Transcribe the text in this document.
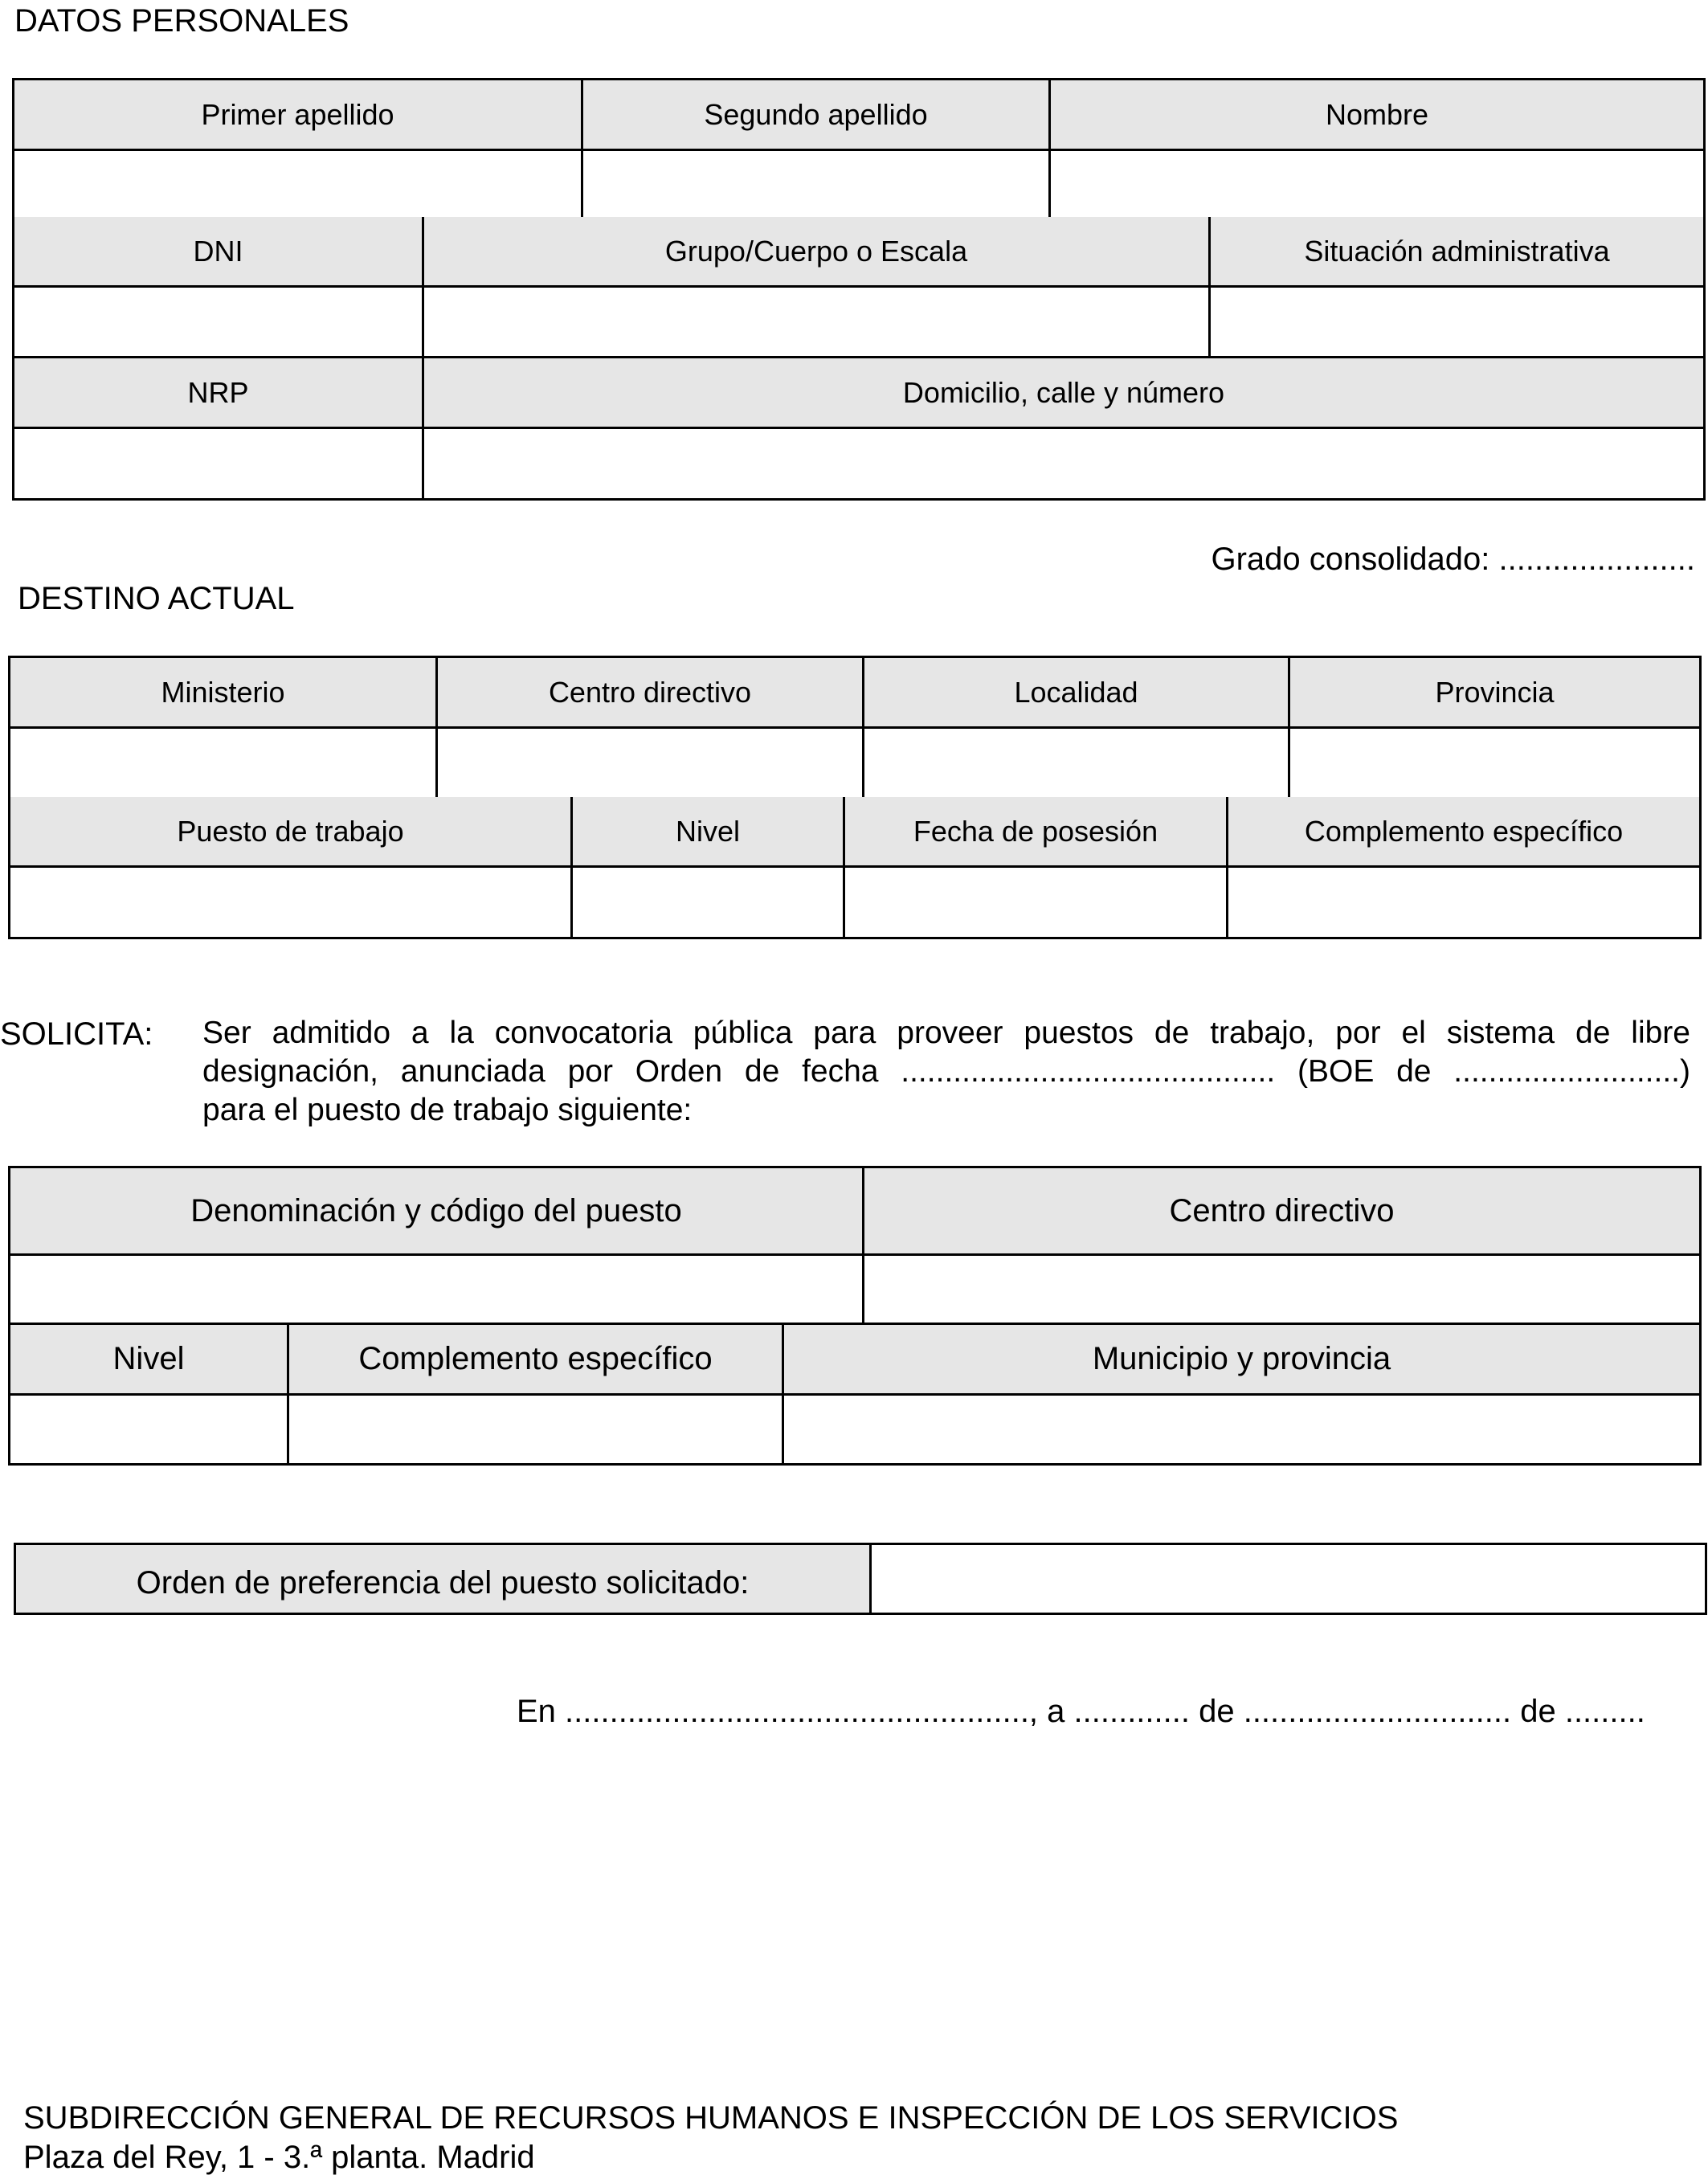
DATOS PERSONALES
Primer apellido	Segundo apellido	Nombre
DNI	Grupo/Cuerpo o Escala	Situación administrativa
NRP	Domicilio, calle y número
Grado consolidado: ......................
DESTINO ACTUAL
Ministerio	Centro directivo	Localidad	Provincia
Puesto de trabajo	Nivel	Fecha de posesión	Complemento específico
SOLICITA: Ser admitido a la convocatoria pública para proveer puestos de trabajo, por el sistema de libre
designación, anunciada por Orden de fecha ........................................... (BOE de ..........................)
para el puesto de trabajo siguiente:
Denominación y código del puesto	Centro directivo
Nivel	Complemento específico	Municipio y provincia
Orden de preferencia del puesto solicitado:
En ...................................................., a ............. de .............................. de .........
SUBDIRECCIÓN GENERAL DE RECURSOS HUMANOS E INSPECCIÓN DE LOS SERVICIOS
Plaza del Rey, 1 - 3.ª planta. Madrid
